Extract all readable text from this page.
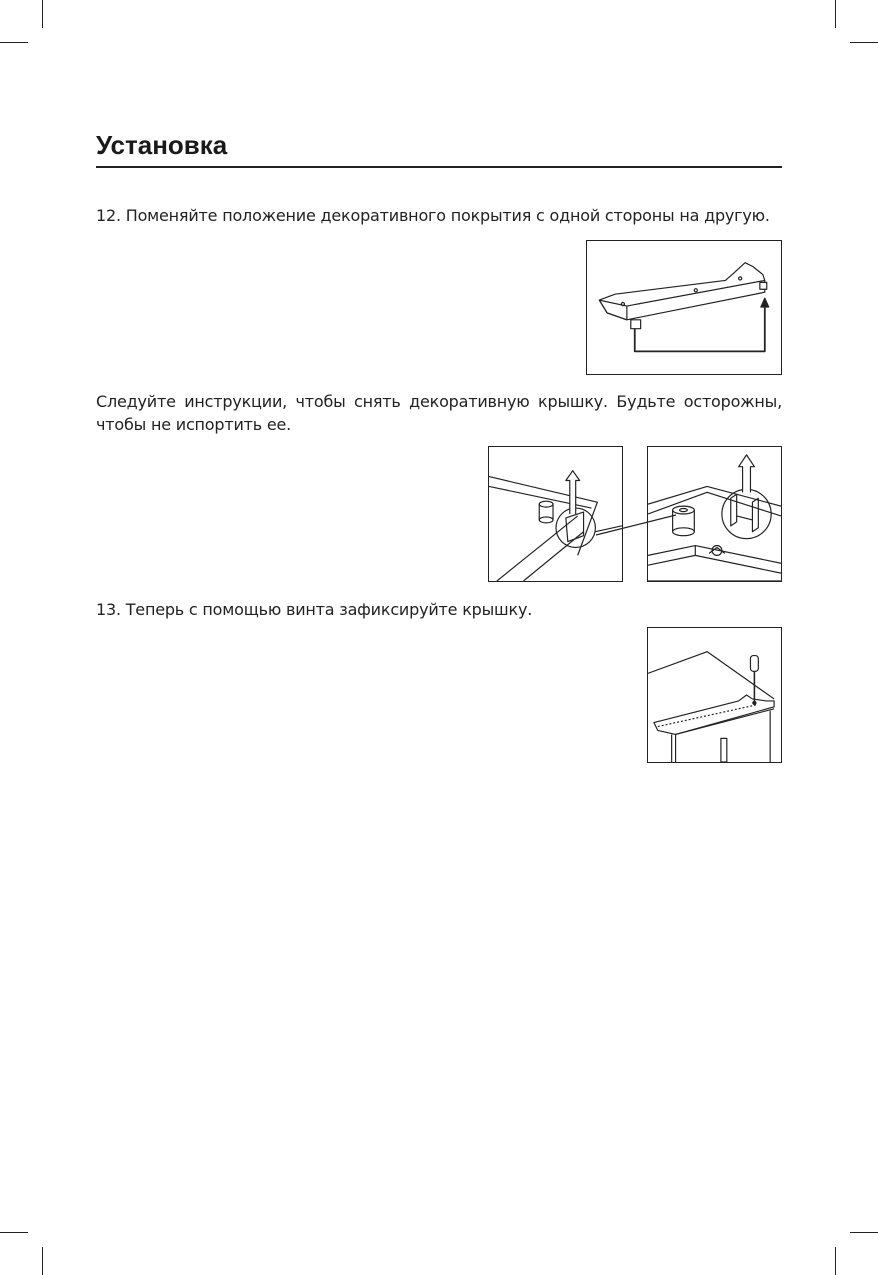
Установка
12. Поменяйте положение декоративного покрытия с одной стороны на другую.
Следуйте инструкции, чтобы снять декоративную крышку. Будьте осторожны, чтобы не испортить ее.
13. Теперь с помощью винта зафиксируйте крышку.
